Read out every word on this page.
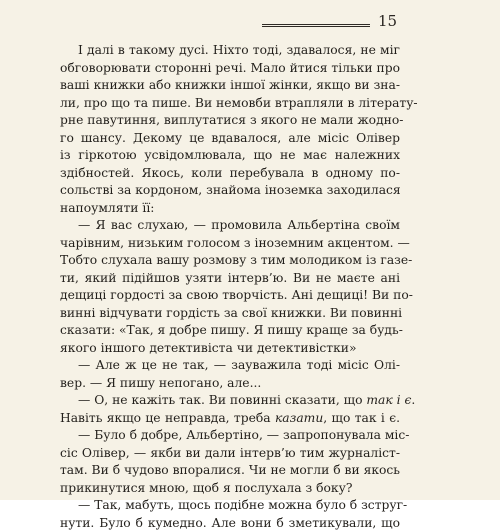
15
І далі в такому дусі. Ніхто тоді, здавалося, не міг
обговорювати сторонні речі. Мало йтися тільки про
ваші книжки або книжки іншої жінки, якщо ви зна-
ли, про що та пише. Ви немовби втрапляли в літерату-
рне павутиння, виплутатися з якого не мали жодно-
го шансу. Декому це вдавалося, але місіс Олівер
із гіркотою усвідомлювала, що не має належних
здібностей. Якось, коли перебувала в одному по-
сольстві за кордоном, знайома іноземка заходилася
напоумляти її:
— Я вас слухаю, — промовила Альбертіна своїм
чарівним, низьким голосом з іноземним акцентом. —
Тобто слухала вашу розмову з тим молодиком із газе-
ти, який підійшов узяти інтерв’ю. Ви не маєте ані
дещиці гордості за свою творчість. Ані дещиці! Ви по-
винні відчувати гордість за свої книжки. Ви повинні
сказати: «Так, я добре пишу. Я пишу краще за будь-
якого іншого детективіста чи детективістки»
— Але ж це не так, — зауважила тоді місіс Олі-
вер. — Я пишу непогано, але...
— О, не кажіть так. Ви повинні сказати, що так і є.
Навіть якщо це неправда, треба казати, що так і є.
— Було б добре, Альбертіно, — запропонувала міс-
сіс Олівер, — якби ви дали інтерв’ю тим журналіст-
там. Ви б чудово впоралися. Чи не могли б ви якось
прикинутися мною, щоб я послухала з боку?
— Так, мабуть, щось подібне можна було б зструг-
нути. Було б кумедно. Але вони б зметикували, що
